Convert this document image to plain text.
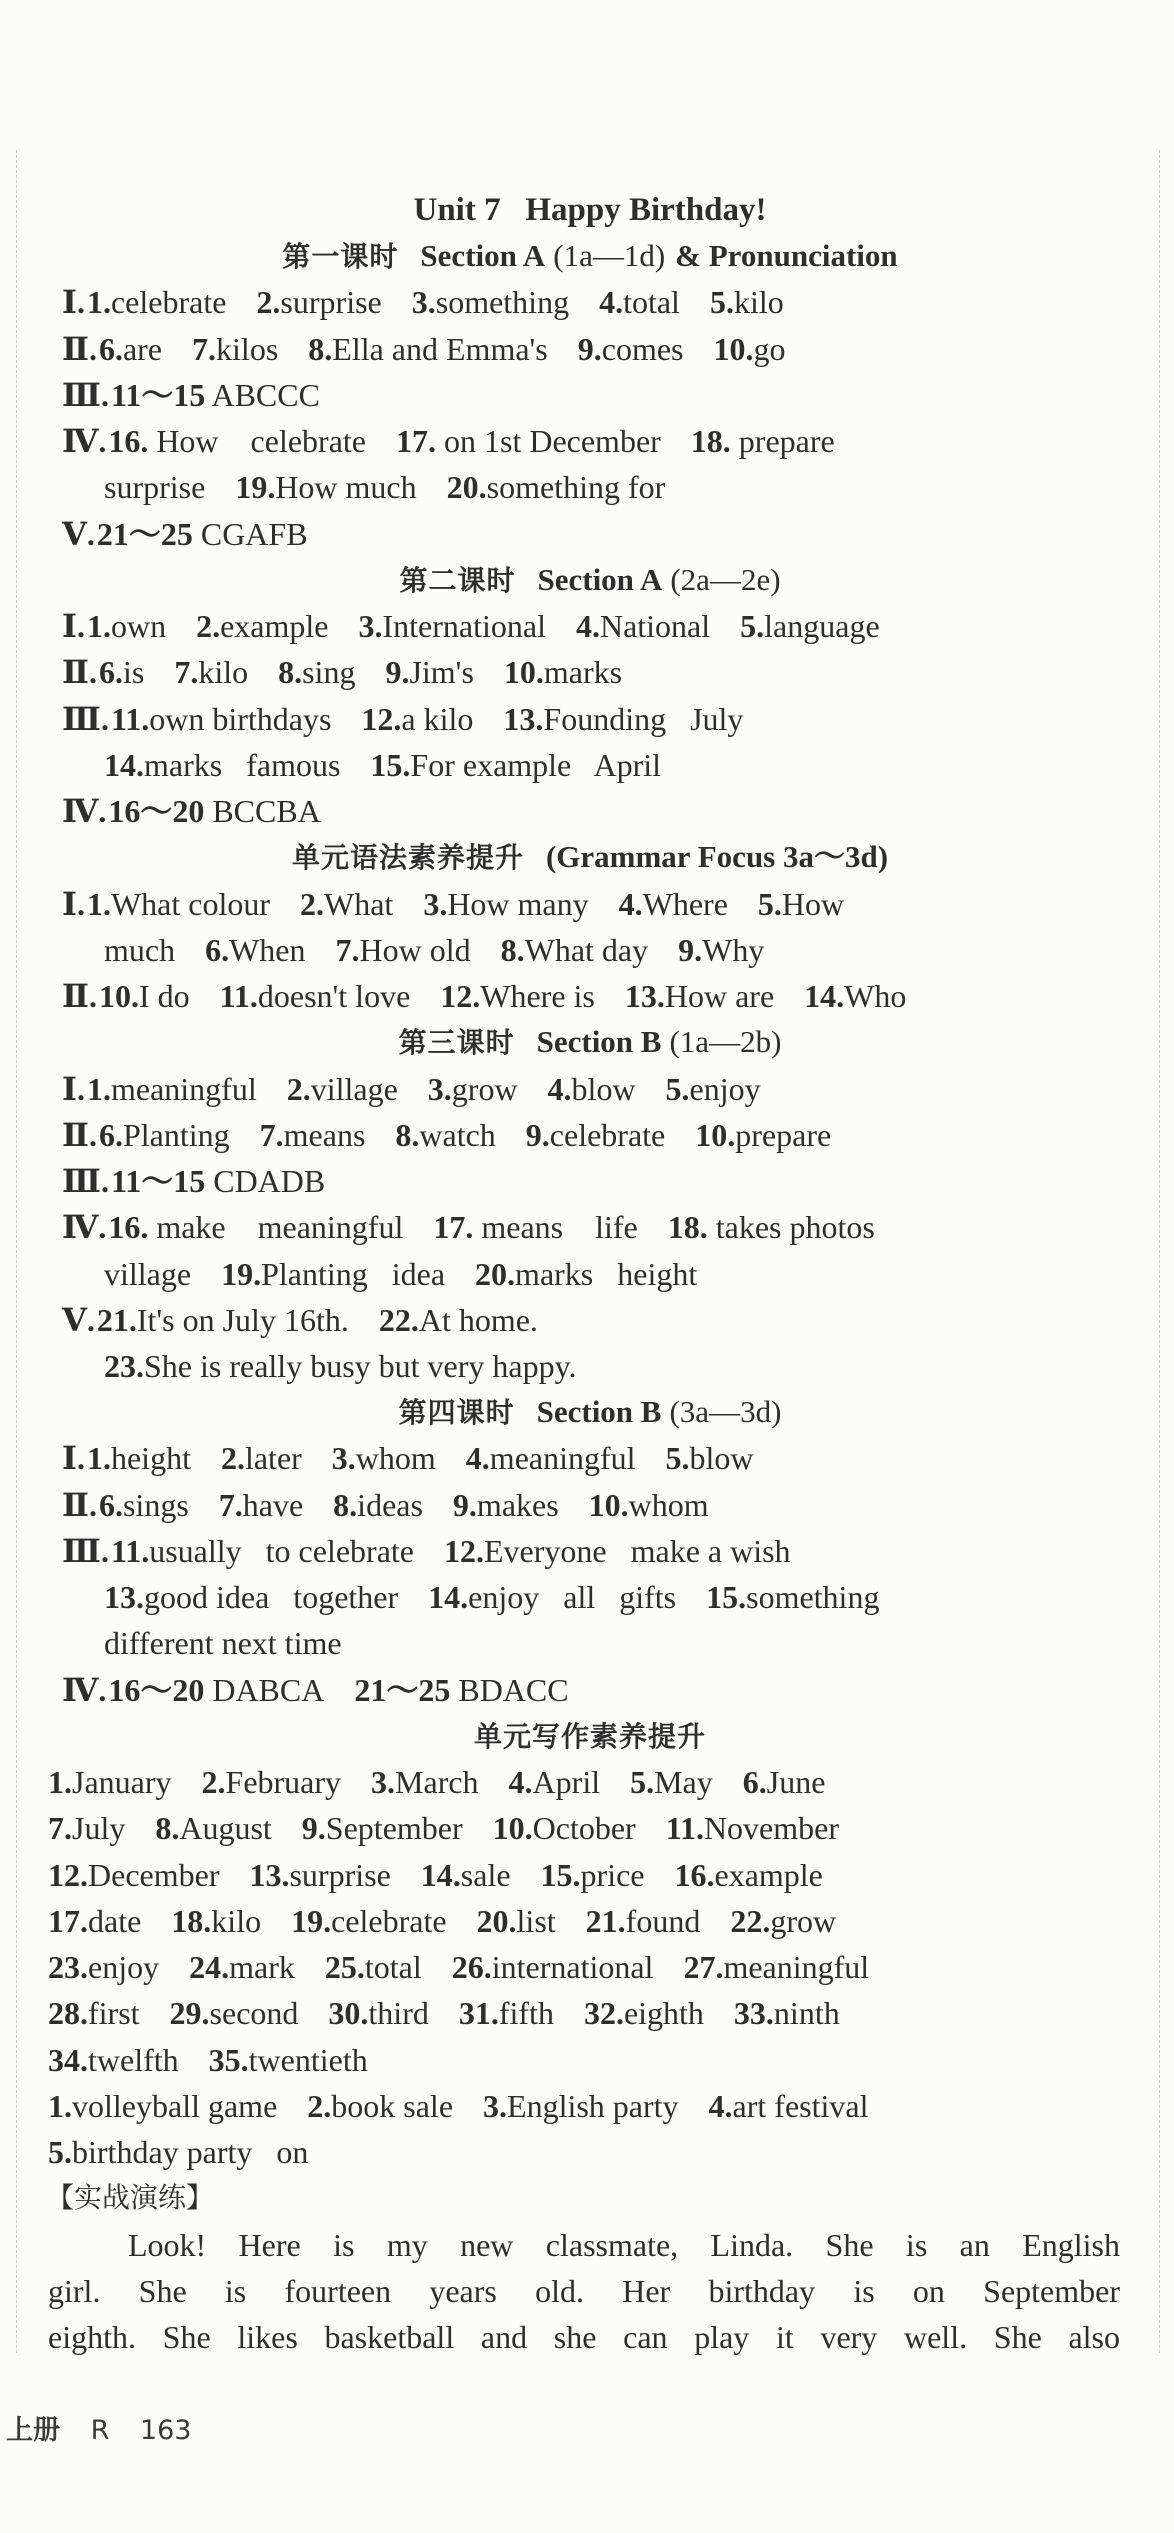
Unit 7   Happy Birthday!
第一课时 Section A (1a—1d) & Pronunciation
Ⅰ.1.celebrate 2.surprise 3.something 4.total 5.kilo
Ⅱ.6.are 7.kilos 8.Ella and Emma's 9.comes 10.go
Ⅲ.11～15 ABCCC
Ⅳ.16. How    celebrate 17. on 1st December 18. prepare
surprise 19.How much 20.something for
Ⅴ.21～25 CGAFB
第二课时 Section A (2a—2e)
Ⅰ.1.own 2.example 3.International 4.National 5.language
Ⅱ.6.is 7.kilo 8.sing 9.Jim's 10.marks
Ⅲ.11.own birthdays 12.a kilo 13.Founding   July
14.marks   famous 15.For example   April
Ⅳ.16～20 BCCBA
单元语法素养提升 (Grammar Focus 3a～3d)
Ⅰ.1.What colour 2.What 3.How many 4.Where 5.How
much 6.When 7.How old 8.What day 9.Why
Ⅱ.10.I do 11.doesn't love 12.Where is 13.How are 14.Who
第三课时 Section B (1a—2b)
Ⅰ.1.meaningful 2.village 3.grow 4.blow 5.enjoy
Ⅱ.6.Planting 7.means 8.watch 9.celebrate 10.prepare
Ⅲ.11～15 CDADB
Ⅳ.16. make    meaningful 17. means    life 18. takes photos
village 19.Planting   idea 20.marks   height
Ⅴ.21.It's on July 16th. 22.At home.
23.She is really busy but very happy.
第四课时 Section B (3a—3d)
Ⅰ.1.height 2.later 3.whom 4.meaningful 5.blow
Ⅱ.6.sings 7.have 8.ideas 9.makes 10.whom
Ⅲ.11.usually   to celebrate 12.Everyone   make a wish
13.good idea   together 14.enjoy   all   gifts 15.something
different next time
Ⅳ.16～20 DABCA 21～25 BDACC
单元写作素养提升
1.January 2.February 3.March 4.April 5.May 6.June
7.July 8.August 9.September 10.October 11.November
12.December 13.surprise 14.sale 15.price 16.example
17.date 18.kilo 19.celebrate 20.list 21.found 22.grow
23.enjoy 24.mark 25.total 26.international 27.meaningful
28.first 29.second 30.third 31.fifth 32.eighth 33.ninth
34.twelfth 35.twentieth
1.volleyball game 2.book sale 3.English party 4.art festival
5.birthday party   on
【实战演练】
Look! Here is my new classmate, Linda. She is an English
girl. She is fourteen years old. Her birthday is on September
eighth. She likes basketball and she can play it very well. She also
上册 R 163
